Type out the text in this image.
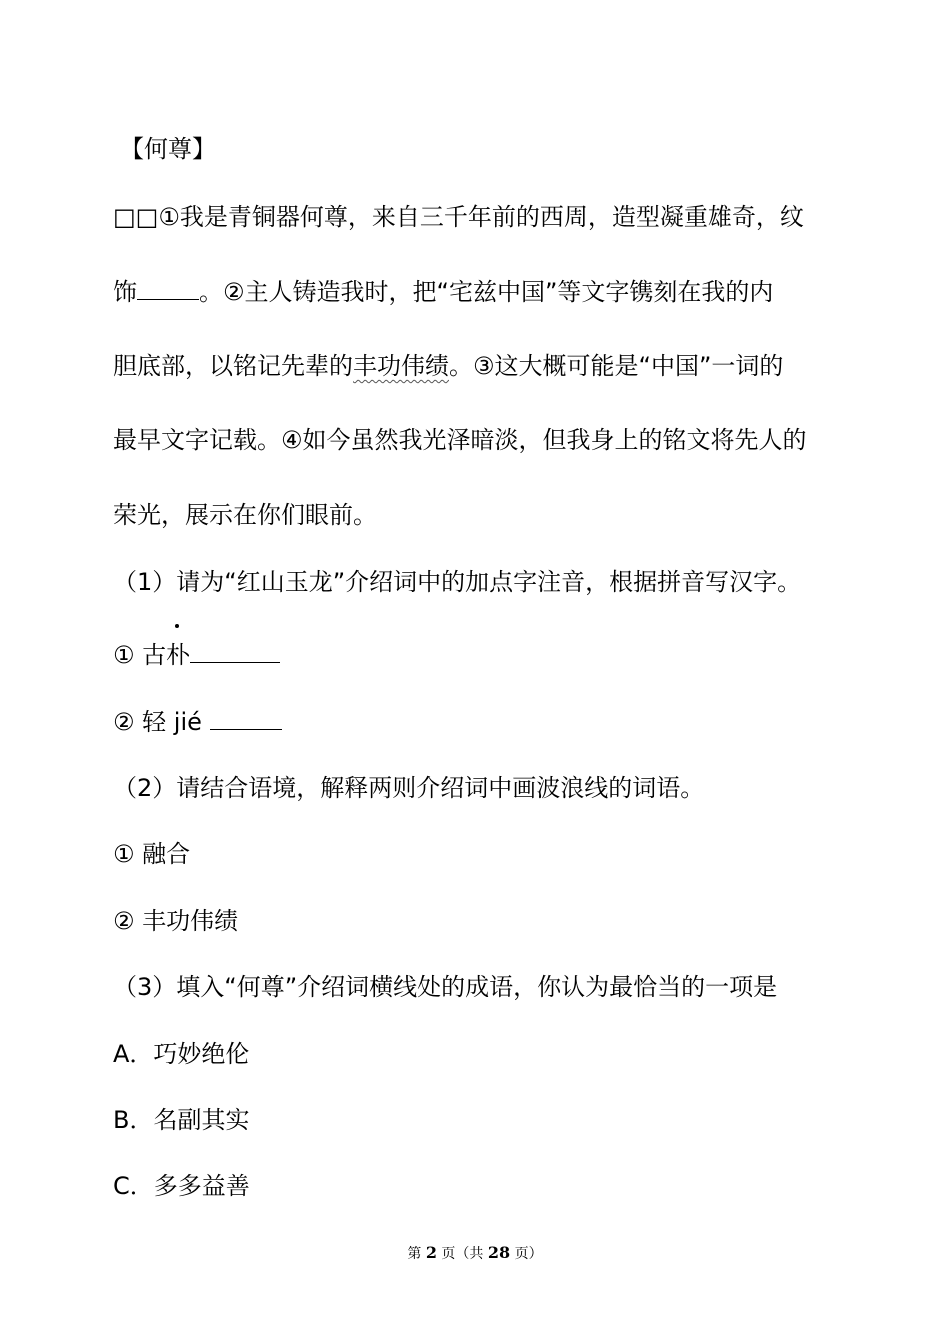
【何尊】
□□①我是青铜器何尊，来自三千年前的西周，造型凝重雄奇，纹
饰	。②主人铸造我时，把“宅兹中国”等文字镌刻在我的内
胆底部，以铭记先辈的丰功伟绩。③这大概可能是“中国”一词的
最早文字记载。④如今虽然我光泽暗淡，但我身上的铭文将先人的
荣光，展示在你们眼前。
（1）请为“红山玉龙”介绍词中的加点字注音，根据拼音写汉字。
① 古朴
② 轻 jié
（2）请结合语境，解释两则介绍词中画波浪线的词语。
① 融合
② 丰功伟绩
（3）填入“何尊”介绍词横线处的成语，你认为最恰当的一项是
A．巧妙绝伦
B．名副其实
C．多多益善
第 2 页（共 28 页）
